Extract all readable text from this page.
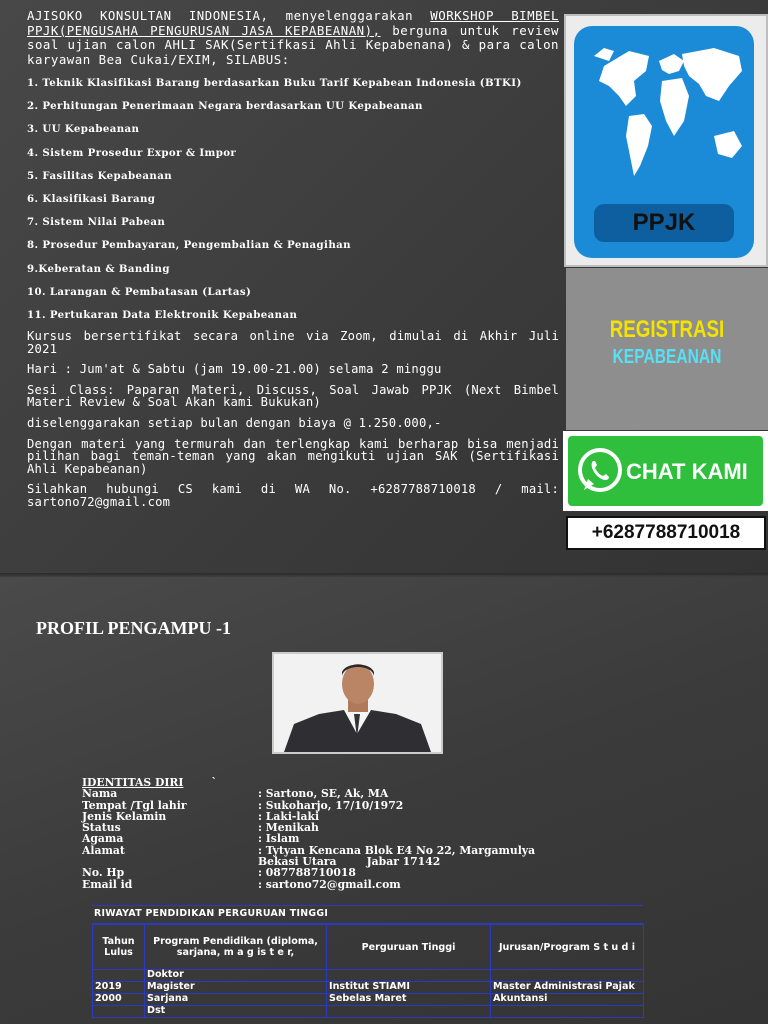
AJISOKO KONSULTAN INDONESIA, menyelenggarakan WORKSHOP BIMBEL PPJK(PENGUSAHA PENGURUSAN JASA KEPABEANAN), berguna untuk review soal ujian calon AHLI SAK(Sertifkasi Ahli Kepabenana) & para calon karyawan Bea Cukai/EXIM, SILABUS:

1. Teknik Klasifikasi Barang berdasarkan Buku Tarif Kepabean Indonesia (BTKI)
2. Perhitungan Penerimaan Negara berdasarkan UU Kepabeanan
3. UU Kepabeanan
4. Sistem Prosedur Expor & Impor
5. Fasilitas Kepabeanan
6. Klasifikasi Barang
7. Sistem Nilai Pabean
8. Prosedur Pembayaran, Pengembalian & Penagihan
9.Keberatan & Banding
10. Larangan & Pembatasan (Lartas)
11. Pertukaran Data Elektronik Kepabeanan

Kursus bersertifikat secara online via Zoom, dimulai di Akhir Juli 2021

Hari : Jum'at & Sabtu (jam 19.00-21.00) selama 2 minggu

Sesi Class: Paparan Materi, Discuss, Soal Jawab PPJK (Next Bimbel Materi Review & Soal Akan kami Bukukan)

diselenggarakan setiap bulan dengan biaya @ 1.250.000,-

Dengan materi yang termurah dan terlengkap kami berharap bisa menjadi pilihan bagi teman-teman yang akan mengikuti ujian SAK (Sertifikasi Ahli Kepabeanan)

Silahkan hubungi CS kami di WA No. +6287788710018 / mail: sartono72@gmail.com

PPJK
REGISTRASI
KEPABEANAN
CHAT KAMI
+6287788710018
PROFIL PENGAMPU -1
IDENTITAS DIRI	`
Nama	: Sartono, SE, Ak, MA
Tempat /Tgl lahir	: Sukoharjo, 17/10/1972
Jenis Kelamin	: Laki-laki
Status	: Menikah
Agama	: Islam
Alamat	: Tytyan Kencana Blok E4 No 22, Margamulya
Bekasi Utara        Jabar 17142
No. Hp	: 087788710018
Email id	: sartono72@gmail.com
RIWAYAT PENDIDIKAN PERGURUAN TINGGI
Tahun Lulus	Program Pendidikan (diploma, sarjana, m a g is t e r,	Perguruan Tinggi	Jurusan/Program S t u d i
	Doktor		
2019	Magister	Institut STIAMI	Master Administrasi Pajak
2000	Sarjana	Sebelas Maret	Akuntansi
	Dst		
